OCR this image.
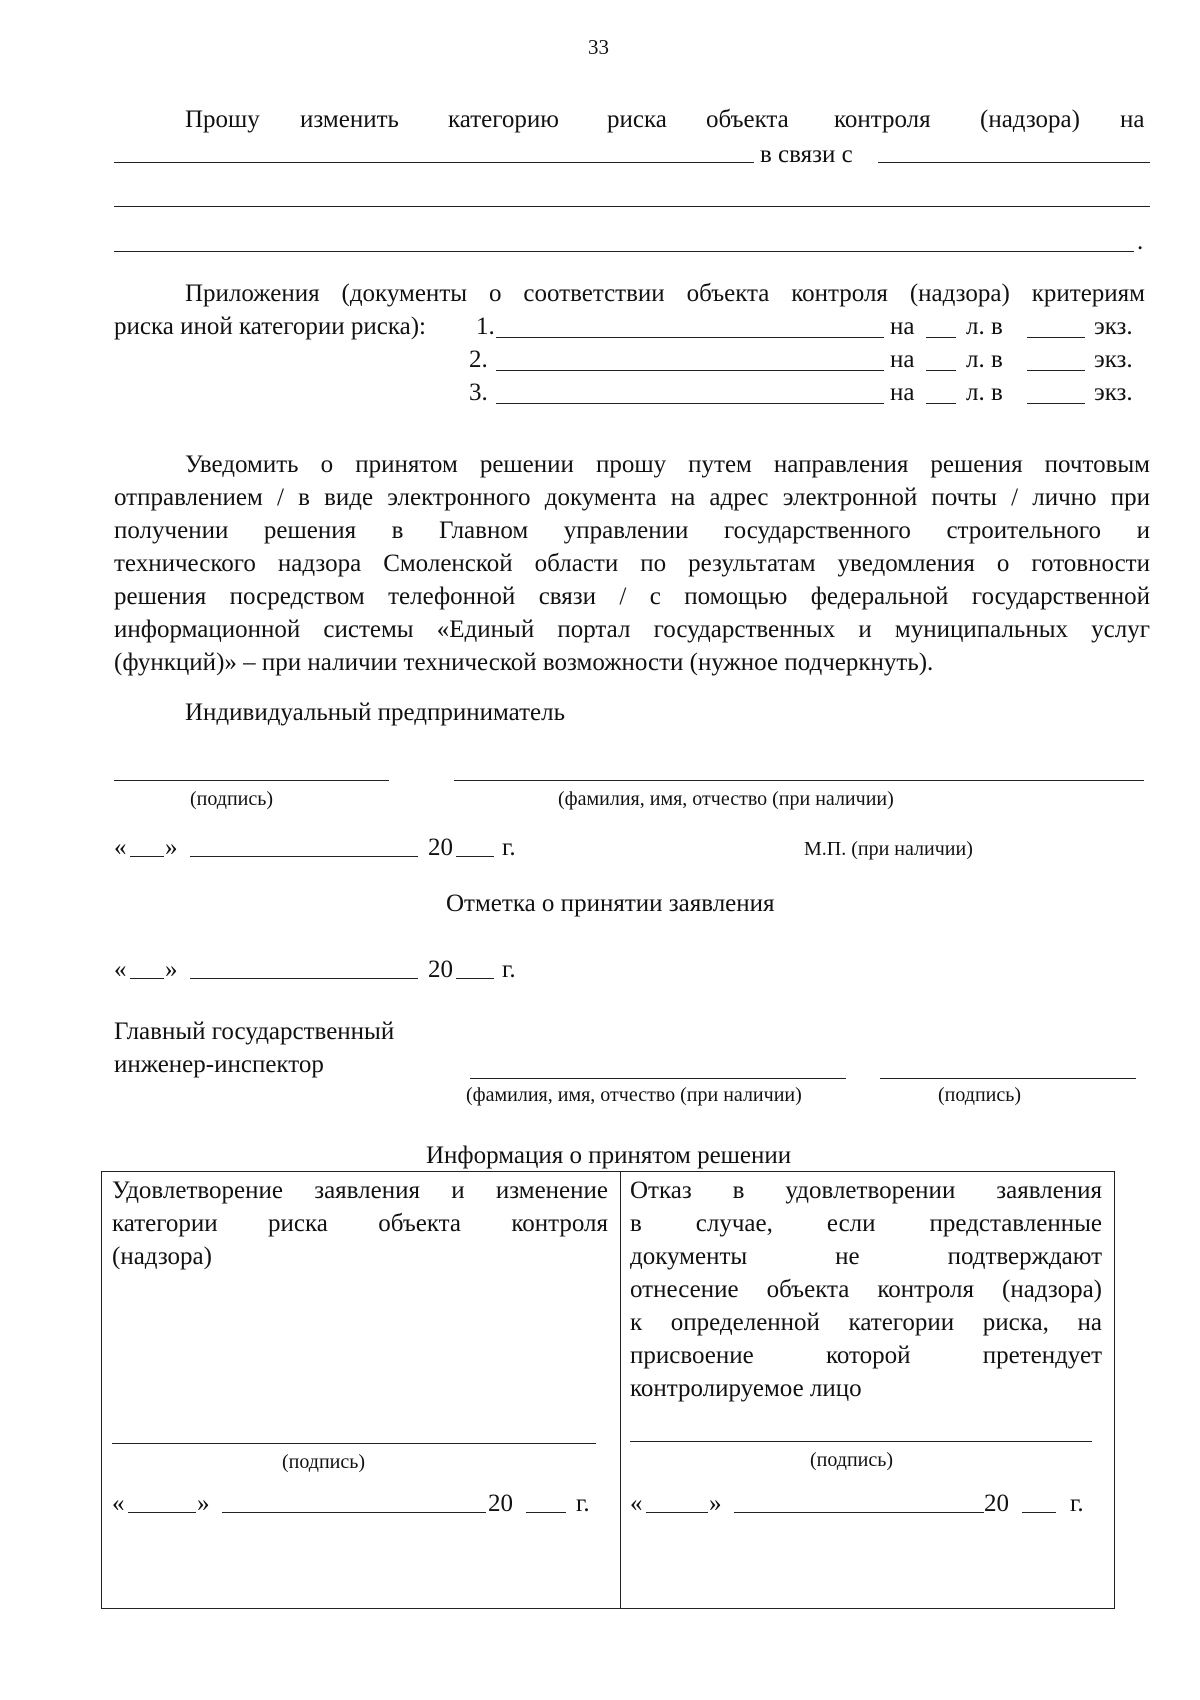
33
Прошу изменить категорию риска объекта контроля (надзора) на
в связи с
.
Приложения (документы о соответствии объекта контроля (надзора) критериям
риска иной категории риска): 1.	на л. в	экз.
2.	на л. в	экз.
3.	на л. в	экз.
Уведомить о принятом решении прошу путем направления решения почтовым
отправлением / в виде электронного документа на адрес электронной почты / лично при
получении решения в Главном управлении государственного строительного и
технического надзора Смоленской области по результатам уведомления о готовности
решения посредством телефонной связи / с помощью федеральной государственной
информационной системы «Единый портал государственных и муниципальных услуг
(функций)» – при наличии технической возможности (нужное подчеркнуть).
Индивидуальный предприниматель
(подпись)	(фамилия, имя, отчество (при наличии)
« »	20 г.	М.П. (при наличии)
Отметка о принятии заявления
« »	20 г.
Главный государственный
инженер-инспектор
(фамилия, имя, отчество (при наличии)	(подпись)
Информация о принятом решении
Удовлетворение заявления и изменение
категории риска объекта контроля
(надзора)
(подпись)
«	»	20	г.
Отказ в удовлетворении заявления
в случае, если представленные
документы не подтверждают
отнесение объекта контроля (надзора)
к определенной категории риска, на
присвоение которой претендует
контролируемое лицо
(подпись)
«	»	20 г.
